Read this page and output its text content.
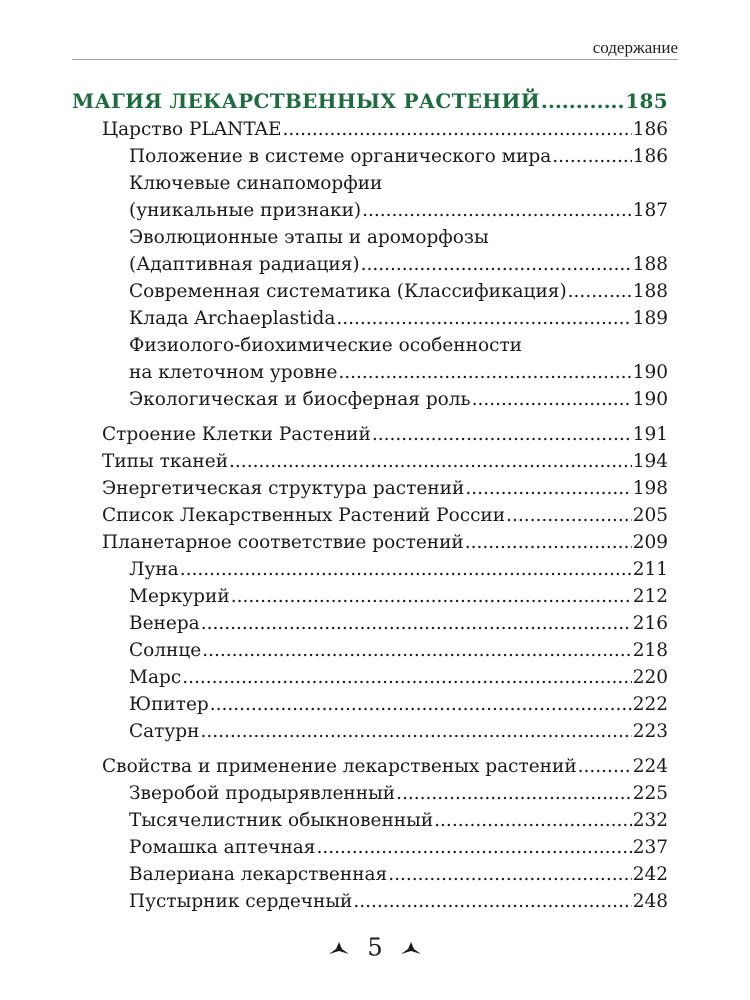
содержание
МАГИЯ ЛЕКАРСТВЕННЫХ РАСТЕНИЙ .....	185
Царство PLANTAE .....	186
Положение в системе органического мира .....	186
Ключевые синапоморфии
(уникальные признаки) .....	187
Эволюционные этапы и ароморфозы
(Адаптивная радиация) .....	188
Современная систематика (Классификация) .....	188
Клада Archaeplastida .....	189
Физиолого-биохимические особенности
на клеточном уровне .....	190
Экологическая и биосферная роль .....	190
Строение Клетки Растений .....	191
Типы тканей .....	194
Энергетическая структура растений .....	198
Список Лекарственных Растений России .....	205
Планетарное соответствие ростений .....	209
Луна .....	211
Меркурий .....	212
Венера .....	216
Солнце .....	218
Марс .....	220
Юпитер .....	222
Сатурн .....	223
Свойства и применение лекарственых растений .....	224
Зверобой продырявленный .....	225
Тысячелистник обыкновенный .....	232
Ромашка аптечная .....	237
Валериана лекарственная .....	242
Пустырник сердечный .....	248
5
